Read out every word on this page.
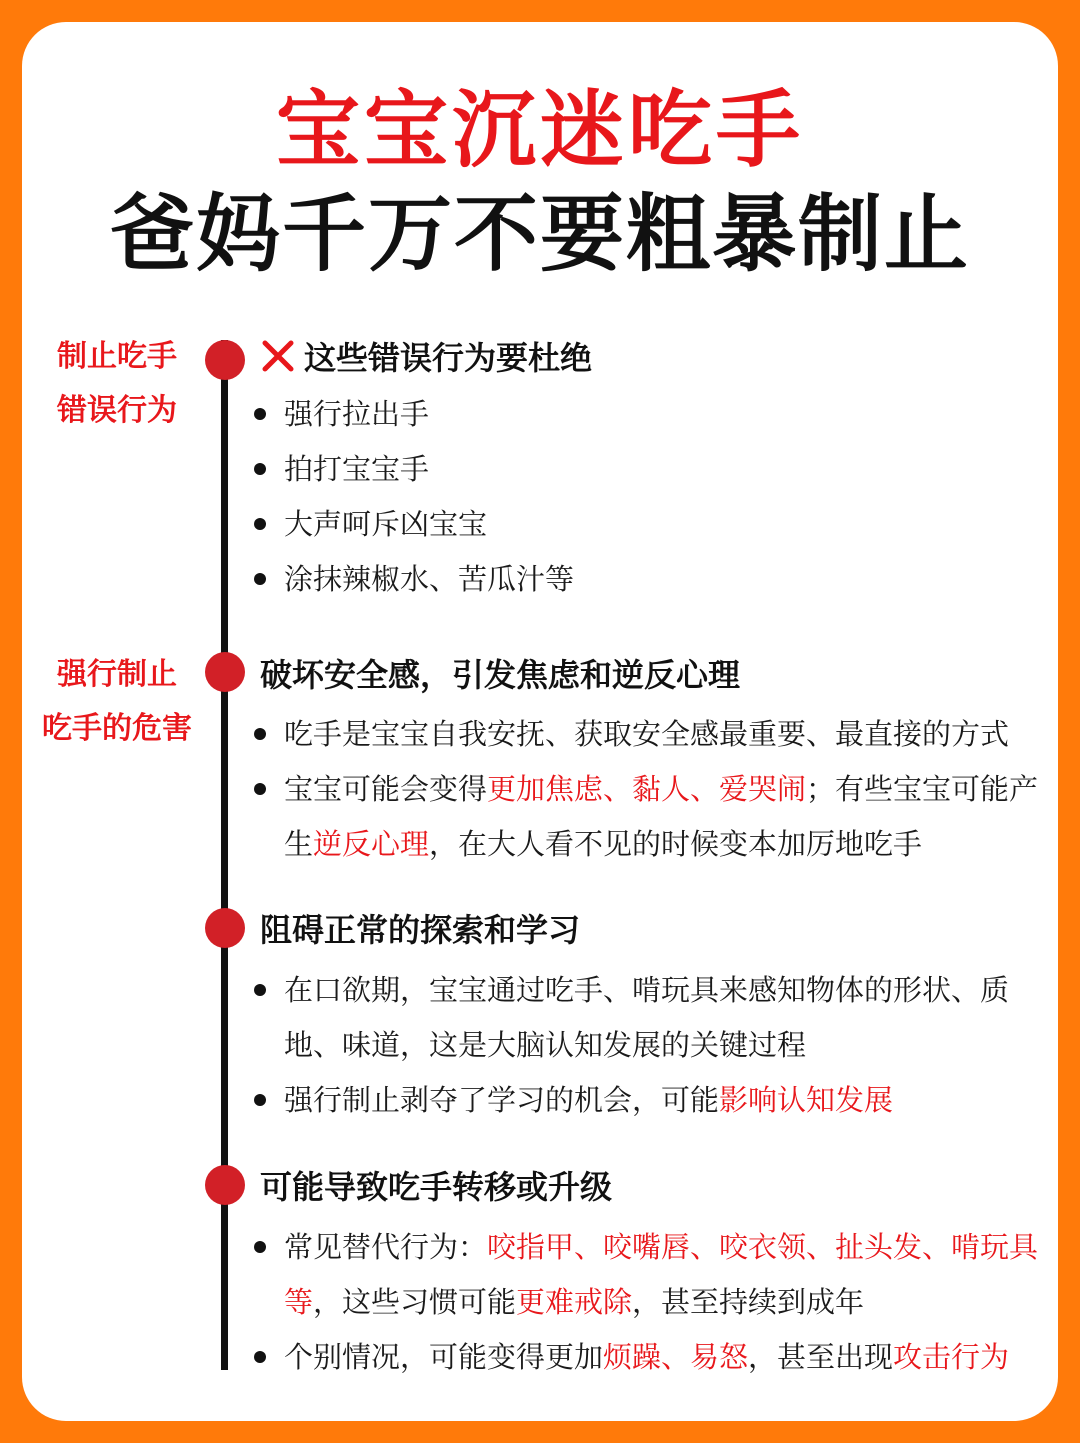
宝宝沉迷吃手
爸妈千万不要粗暴制止
制止吃手
错误行为
这些错误行为要杜绝
强行拉出手
拍打宝宝手
大声呵斥凶宝宝
涂抹辣椒水、苦瓜汁等
强行制止
吃手的危害
破坏安全感，引发焦虑和逆反心理
吃手是宝宝自我安抚、获取安全感最重要、最直接的方式
宝宝可能会变得更加焦虑、黏人、爱哭闹；有些宝宝可能产生逆反心理，在大人看不见的时候变本加厉地吃手
阻碍正常的探索和学习
在口欲期，宝宝通过吃手、啃玩具来感知物体的形状、质地、味道，这是大脑认知发展的关键过程
强行制止剥夺了学习的机会，可能影响认知发展
可能导致吃手转移或升级
常见替代行为：咬指甲、咬嘴唇、咬衣领、扯头发、啃玩具等，这些习惯可能更难戒除，甚至持续到成年
个别情况，可能变得更加烦躁、易怒，甚至出现攻击行为
